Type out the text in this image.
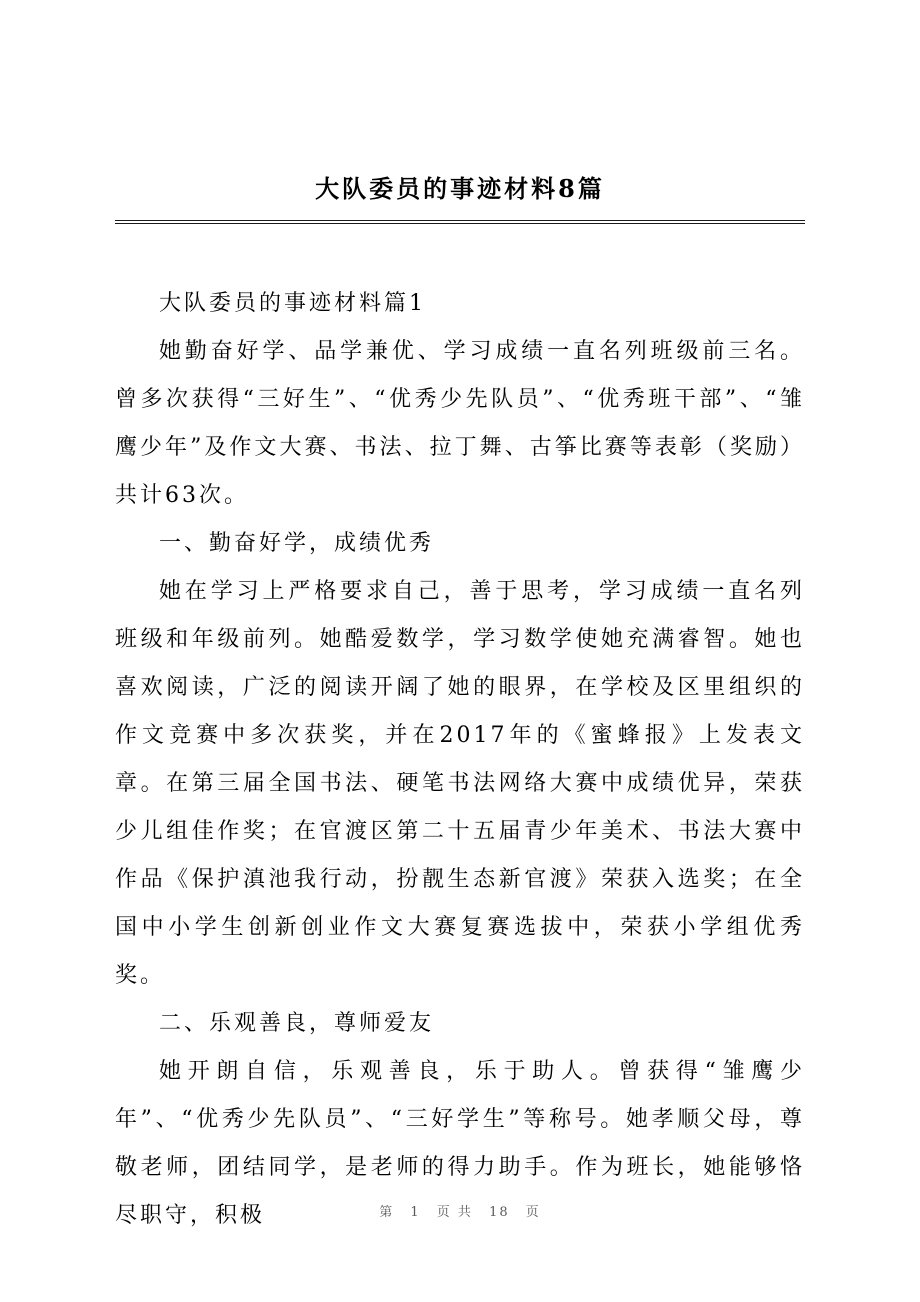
大队委员的事迹材料8篇

大队委员的事迹材料篇1

她勤奋好学、品学兼优、学习成绩一直名列班级前三名。曾多次获得“三好生”、“优秀少先队员”、“优秀班干部”、“雏鹰少年”及作文大赛、书法、拉丁舞、古筝比赛等表彰（奖励）共计63次。

一、勤奋好学，成绩优秀

她在学习上严格要求自己，善于思考，学习成绩一直名列班级和年级前列。她酷爱数学，学习数学使她充满睿智。她也喜欢阅读，广泛的阅读开阔了她的眼界，在学校及区里组织的作文竞赛中多次获奖，并在2017年的《蜜蜂报》上发表文章。在第三届全国书法、硬笔书法网络大赛中成绩优异，荣获少儿组佳作奖；在官渡区第二十五届青少年美术、书法大赛中作品《保护滇池我行动，扮靓生态新官渡》荣获入选奖；在全国中小学生创新创业作文大赛复赛选拔中，荣获小学组优秀奖。

二、乐观善良，尊师爱友

她开朗自信，乐观善良，乐于助人。曾获得“雏鹰少年”、“优秀少先队员”、“三好学生”等称号。她孝顺父母，尊敬老师，团结同学，是老师的得力助手。作为班长，她能够恪尽职守，积极	第 1 页 共 18 页
